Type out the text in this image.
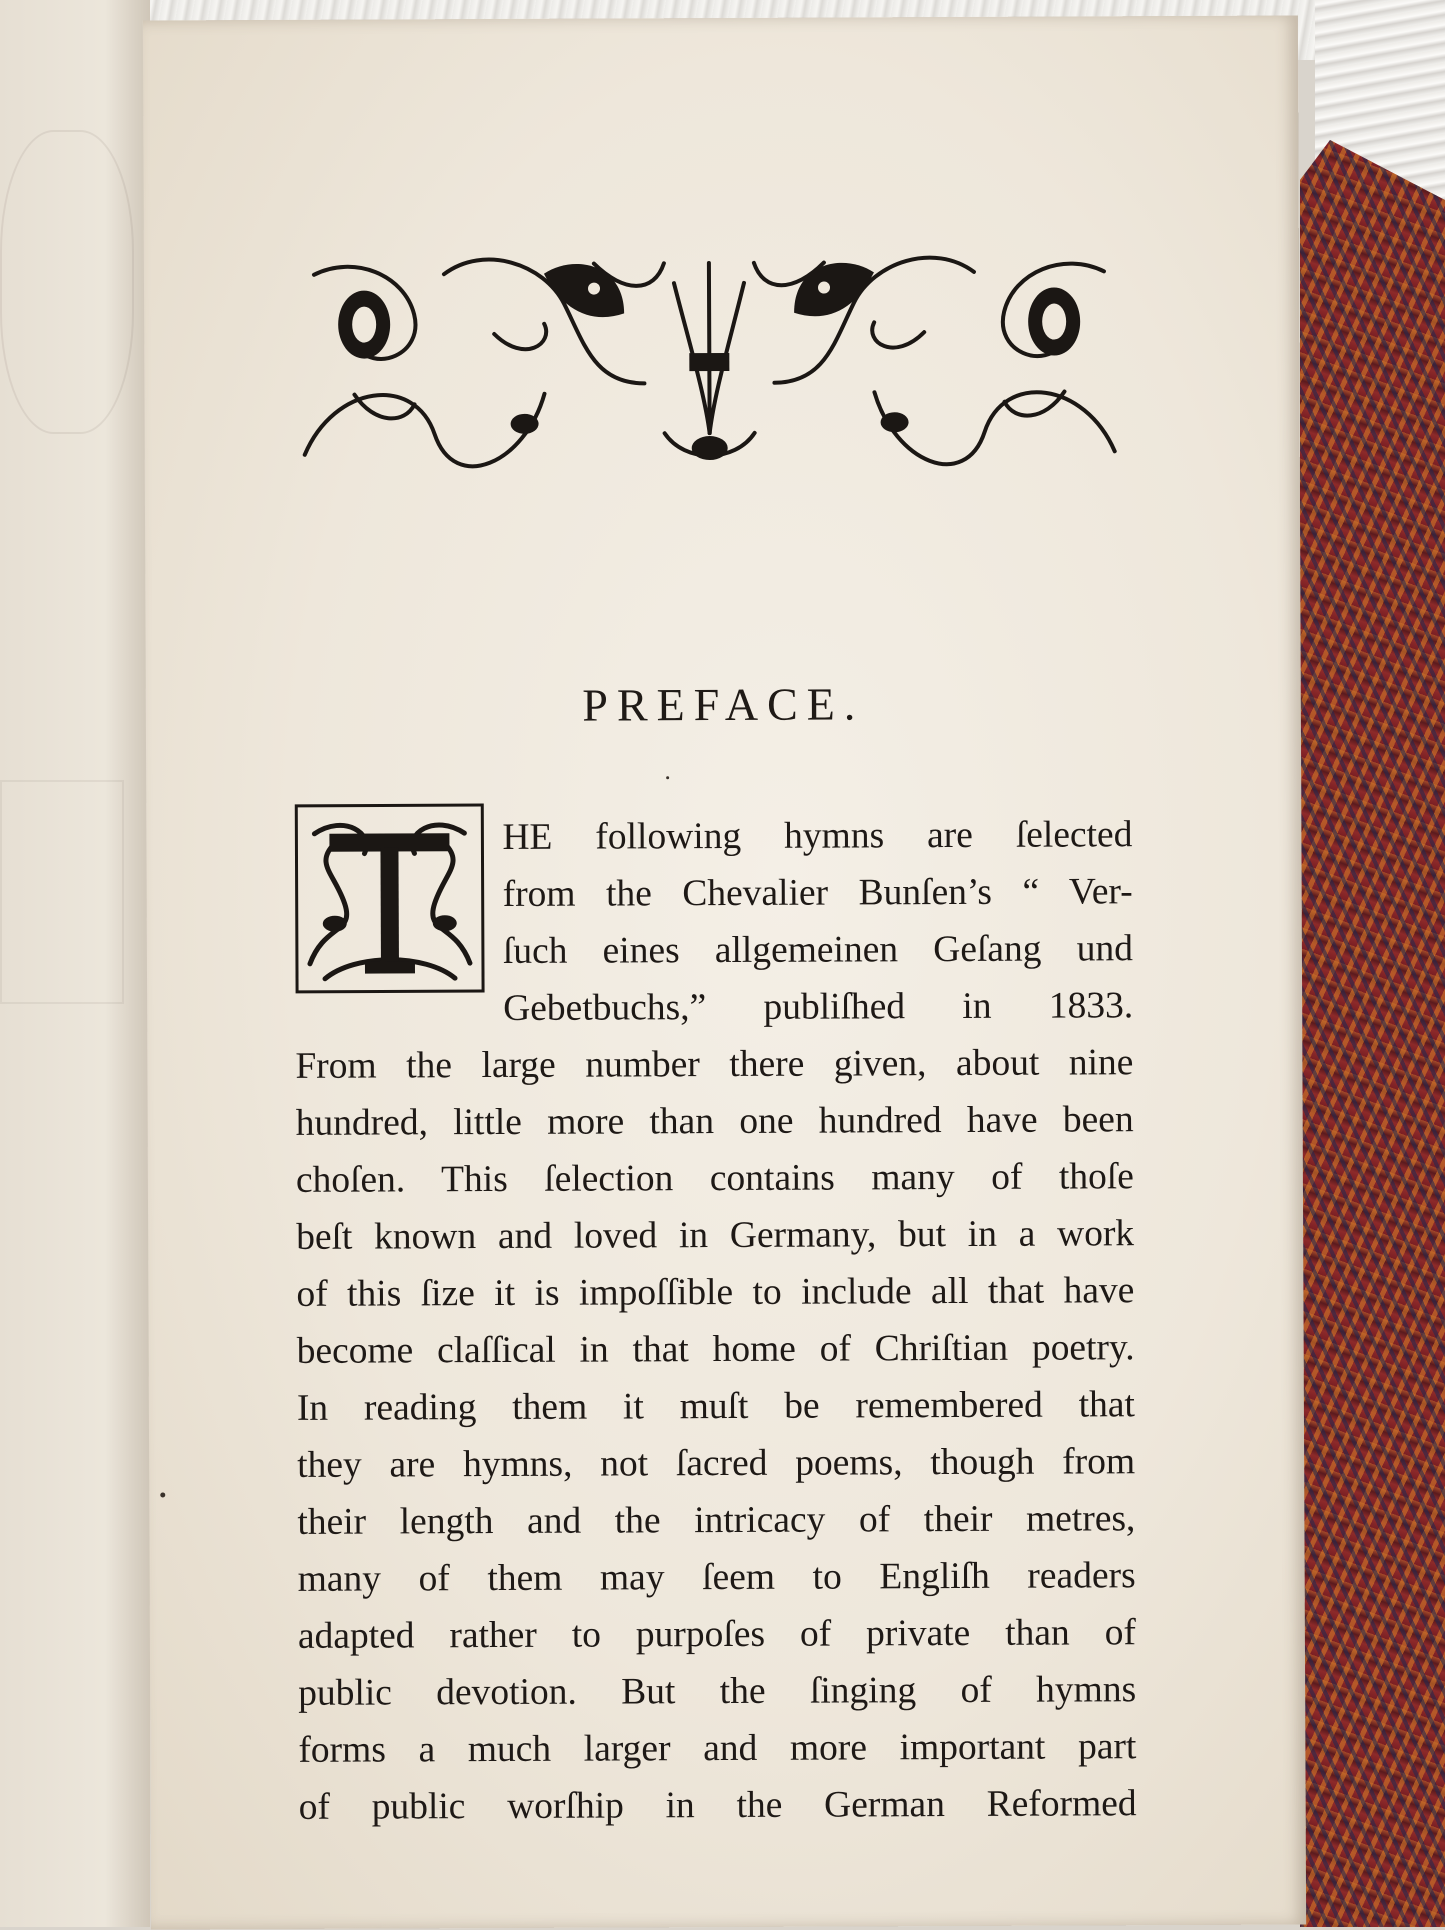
PREFACE.
HE following hymns are ſelected
from the Chevalier Bunſen’s “ Ver-
ſuch eines allgemeinen Geſang und
Gebetbuchs,” publiſhed in 1833.
From the large number there given, about nine
hundred, little more than one hundred have been
choſen. This ſelection contains many of thoſe
beſt known and loved in Germany, but in a work
of this ſize it is impoſſible to include all that have
become claſſical in that home of Chriſtian poetry.
In reading them it muſt be remembered that
they are hymns, not ſacred poems, though from
their length and the intricacy of their metres,
many of them may ſeem to Engliſh readers
adapted rather to purpoſes of private than of
public devotion. But the ſinging of hymns
forms a much larger and more important part
of public worſhip in the German Reformed
